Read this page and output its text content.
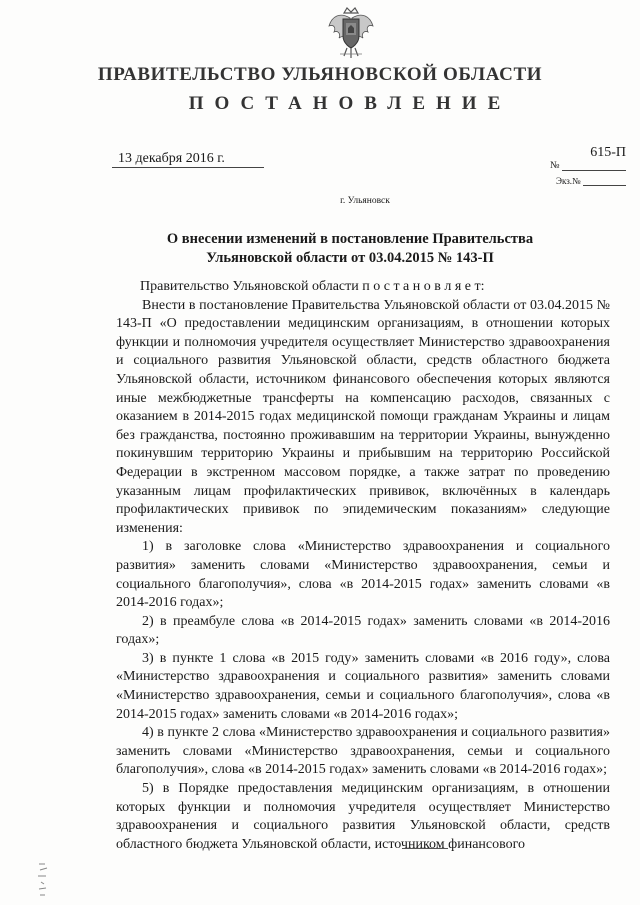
ПРАВИТЕЛЬСТВО УЛЬЯНОВСКОЙ ОБЛАСТИ
ПОСТАНОВЛЕНИЕ
13 декабря 2016 г.	615-П
№
Экз.№
г. Ульяновск
О внесении изменений в постановление Правительства
Ульяновской области от 03.04.2015 № 143-П

Правительство Ульяновской области п о с т а н о в л я е т:

Внести в постановление Правительства Ульяновской области от 03.04.2015 № 143-П «О предоставлении медицинским организациям, в отношении которых функции и полномочия учредителя осуществляет Министерство здравоохранения и социального развития Ульяновской области, средств областного бюджета Ульяновской области, источником финансового обеспечения которых являются иные межбюджетные трансферты на компенсацию расходов, связанных с оказанием в 2014-2015 годах медицинской помощи гражданам Украины и лицам без гражданства, постоянно проживавшим на территории Украины, вынужденно покинувшим территорию Украины и прибывшим на территорию Российской Федерации в экстренном массовом порядке, а также затрат по проведению указанным лицам профилактических прививок, включённых в календарь профилактических прививок по эпидемическим показаниям» следующие изменения:

1) в заголовке слова «Министерство здравоохранения и социального развития» заменить словами «Министерство здравоохранения, семьи и социального благополучия», слова «в 2014-2015 годах» заменить словами «в 2014-2016 годах»;

2) в преамбуле слова «в 2014-2015 годах» заменить словами «в 2014-2016 годах»;

3) в пункте 1 слова «в 2015 году» заменить словами «в 2016 году», слова «Министерство здравоохранения и социального развития» заменить словами «Министерство здравоохранения, семьи и социального благополучия», слова «в 2014-2015 годах» заменить словами «в 2014-2016 годах»;

4) в пункте 2 слова «Министерство здравоохранения и социального развития» заменить словами «Министерство здравоохранения, семьи и социального благополучия», слова «в 2014-2015 годах» заменить словами «в 2014-2016 годах»;

5) в Порядке предоставления медицинским организациям, в отношении которых функции и полномочия учредителя осуществляет Министерство здравоохранения и социального развития Ульяновской области, средств областного бюджета Ульяновской области, источником финансового
